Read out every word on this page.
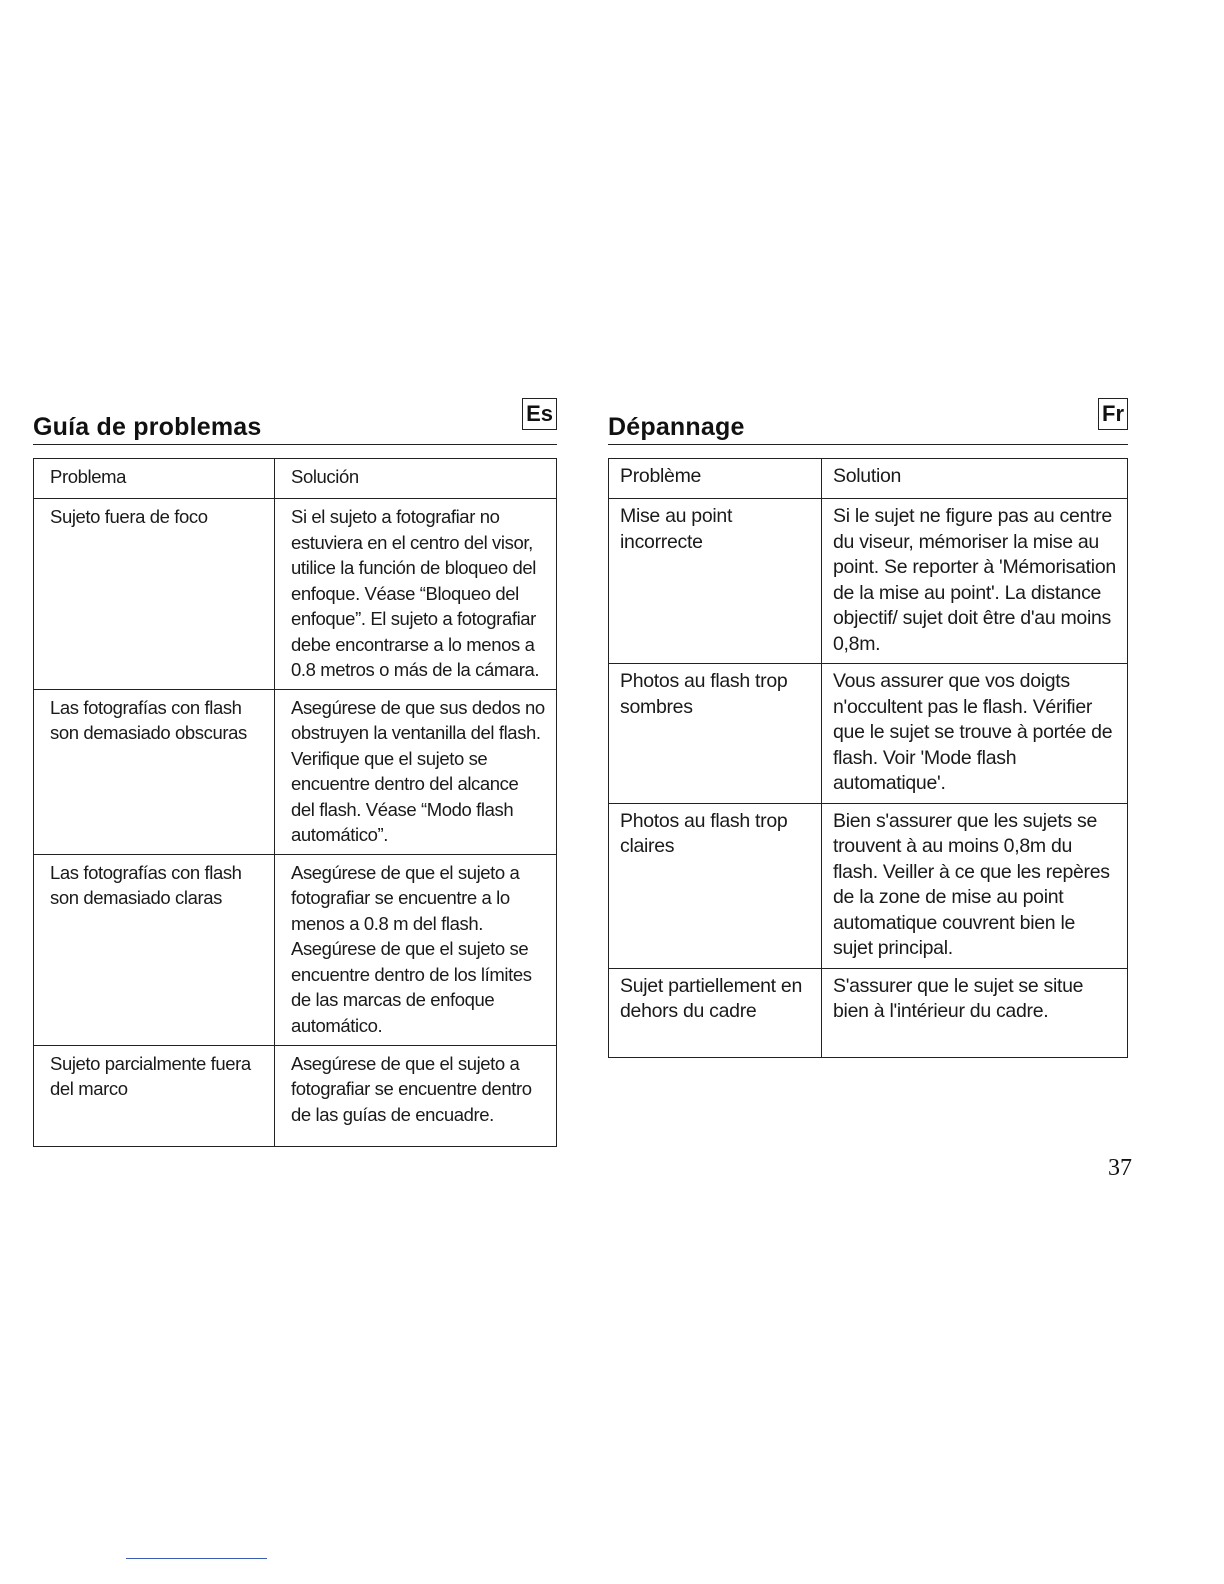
Guía de problemas	Es
Problema	Solución
Sujeto fuera de foco	Si el sujeto a fotografiar no estuviera en el centro del visor, utilice la función de bloqueo del enfoque. Véase “Bloqueo del enfoque”. El sujeto a fotografiar debe encontrarse a lo menos a 0.8 metros o más de la cámara.
Las fotografías con flash son demasiado obscuras	Asegúrese de que sus dedos no obstruyen la ventanilla del flash. Verifique que el sujeto se encuentre dentro del alcance del flash. Véase “Modo flash automático”.
Las fotografías con flash son demasiado claras	Asegúrese de que el sujeto a fotografiar se encuentre a lo menos a 0.8 m del flash. Asegúrese de que el sujeto se encuentre dentro de los límites de las marcas de enfoque automático.
Sujeto parcialmente fuera del marco	Asegúrese de que el sujeto a fotografiar se encuentre dentro de las guías de encuadre.
Dépannage	Fr
Problème	Solution
Mise au point incorrecte	Si le sujet ne figure pas au centre du viseur, mémoriser la mise au point. Se reporter à 'Mémorisation de la mise au point'. La distance objectif/ sujet doit être d'au moins 0,8m.
Photos au flash trop sombres	Vous assurer que vos doigts n'occultent pas le flash. Vérifier que le sujet se trouve à portée de flash. Voir 'Mode flash automatique'.
Photos au flash trop claires	Bien s'assurer que les sujets se trouvent à au moins 0,8m du flash. Veiller à ce que les repères de la zone de mise au point automatique couvrent bien le sujet principal.
Sujet partiellement en dehors du cadre	S'assurer que le sujet se situe bien à l'intérieur du cadre.
37
